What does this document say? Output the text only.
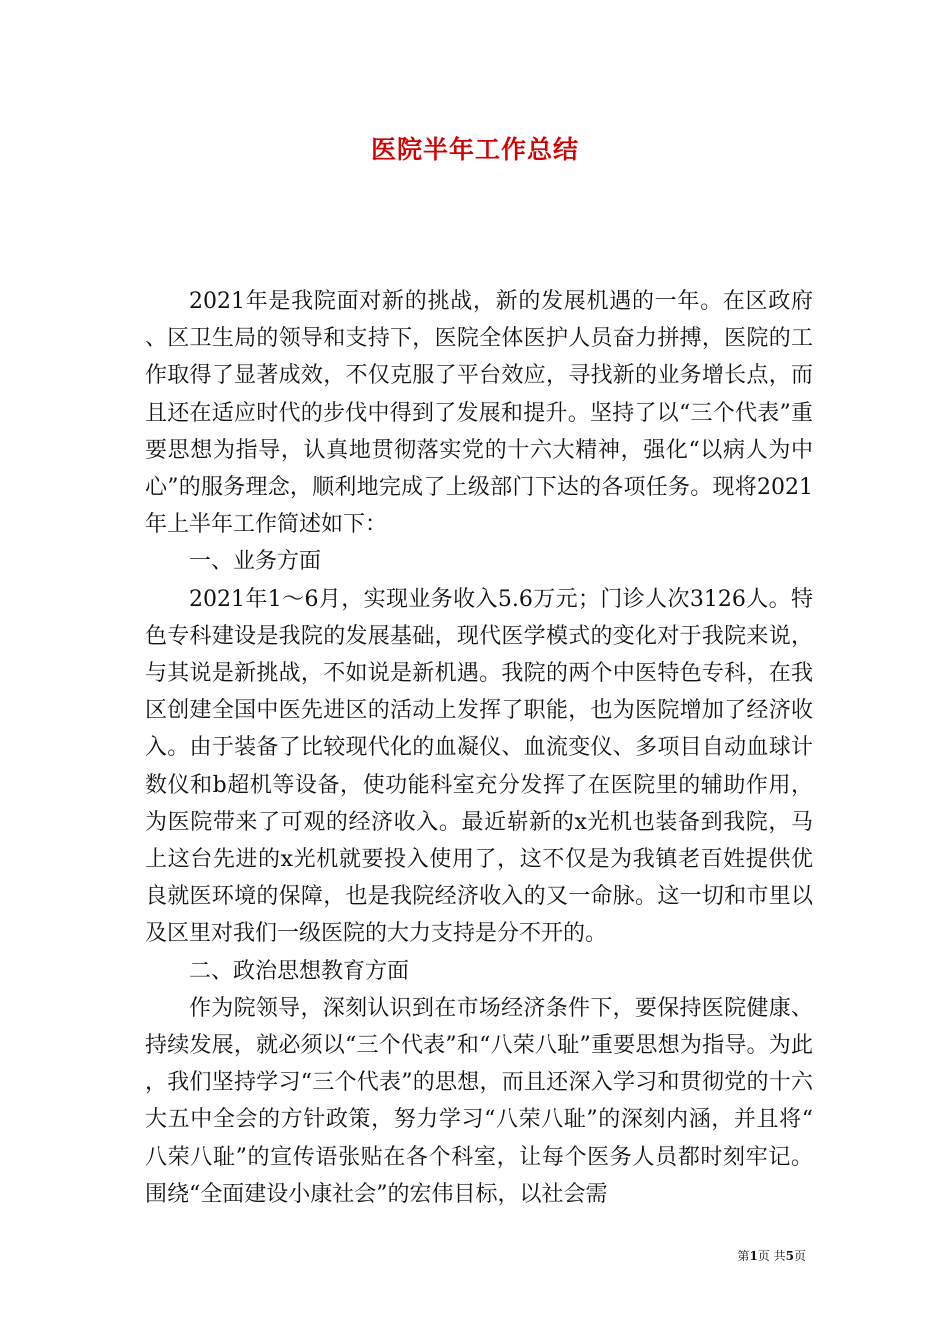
医院半年工作总结

2021年是我院面对新的挑战，新的发展机遇的一年。在区政府、区卫生局的领导和支持下，医院全体医护人员奋力拼搏，医院的工作取得了显著成效，不仅克服了平台效应，寻找新的业务增长点，而且还在适应时代的步伐中得到了发展和提升。坚持了以“三个代表”重要思想为指导，认真地贯彻落实党的十六大精神，强化“以病人为中心”的服务理念，顺利地完成了上级部门下达的各项任务。现将2021年上半年工作简述如下：

一、业务方面

2021年1～6月，实现业务收入5.6万元；门诊人次3126人。特色专科建设是我院的发展基础，现代医学模式的变化对于我院来说，与其说是新挑战，不如说是新机遇。我院的两个中医特色专科，在我区创建全国中医先进区的活动上发挥了职能，也为医院增加了经济收入。由于装备了比较现代化的血凝仪、血流变仪、多项目自动血球计数仪和b超机等设备，使功能科室充分发挥了在医院里的辅助作用，为医院带来了可观的经济收入。最近崭新的x光机也装备到我院，马上这台先进的x光机就要投入使用了，这不仅是为我镇老百姓提供优良就医环境的保障，也是我院经济收入的又一命脉。这一切和市里以及区里对我们一级医院的大力支持是分不开的。

二、政治思想教育方面

作为院领导，深刻认识到在市场经济条件下，要保持医院健康、持续发展，就必须以“三个代表”和“八荣八耻”重要思想为指导。为此，我们坚持学习“三个代表”的思想，而且还深入学习和贯彻党的十六大五中全会的方针政策，努力学习“八荣八耻”的深刻内涵，并且将“八荣八耻”的宣传语张贴在各个科室，让每个医务人员都时刻牢记。围绕“全面建设小康社会”的宏伟目标，以社会需

第1页 共5页
